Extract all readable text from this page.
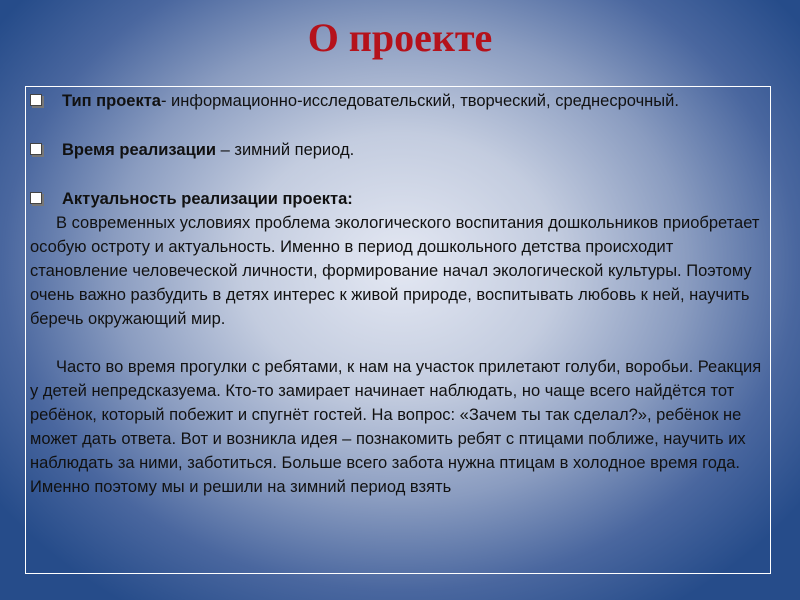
О проекте
Тип проекта- информационно-исследовательский, творческий, среднесрочный.
Время реализации – зимний период.
Актуальность реализации проекта:

В современных условиях проблема экологического воспитания дошкольников приобретает особую остроту и актуальность. Именно в период дошкольного детства происходит становление человеческой личности, формирование начал экологической культуры. Поэтому очень важно разбудить в детях интерес к живой природе, воспитывать любовь к ней, научить беречь окружающий мир.

Часто во время прогулки с ребятами, к нам на участок прилетают голуби, воробьи. Реакция у детей непредсказуема. Кто-то замирает начинает наблюдать, но чаще всего найдётся тот ребёнок, который побежит и спугнёт гостей. На вопрос: «Зачем ты так сделал?», ребёнок не может дать ответа. Вот и возникла идея – познакомить ребят с птицами поближе, научить их наблюдать за ними, заботиться. Больше всего забота нужна птицам в холодное время года. Именно поэтому мы и решили на зимний период взять
